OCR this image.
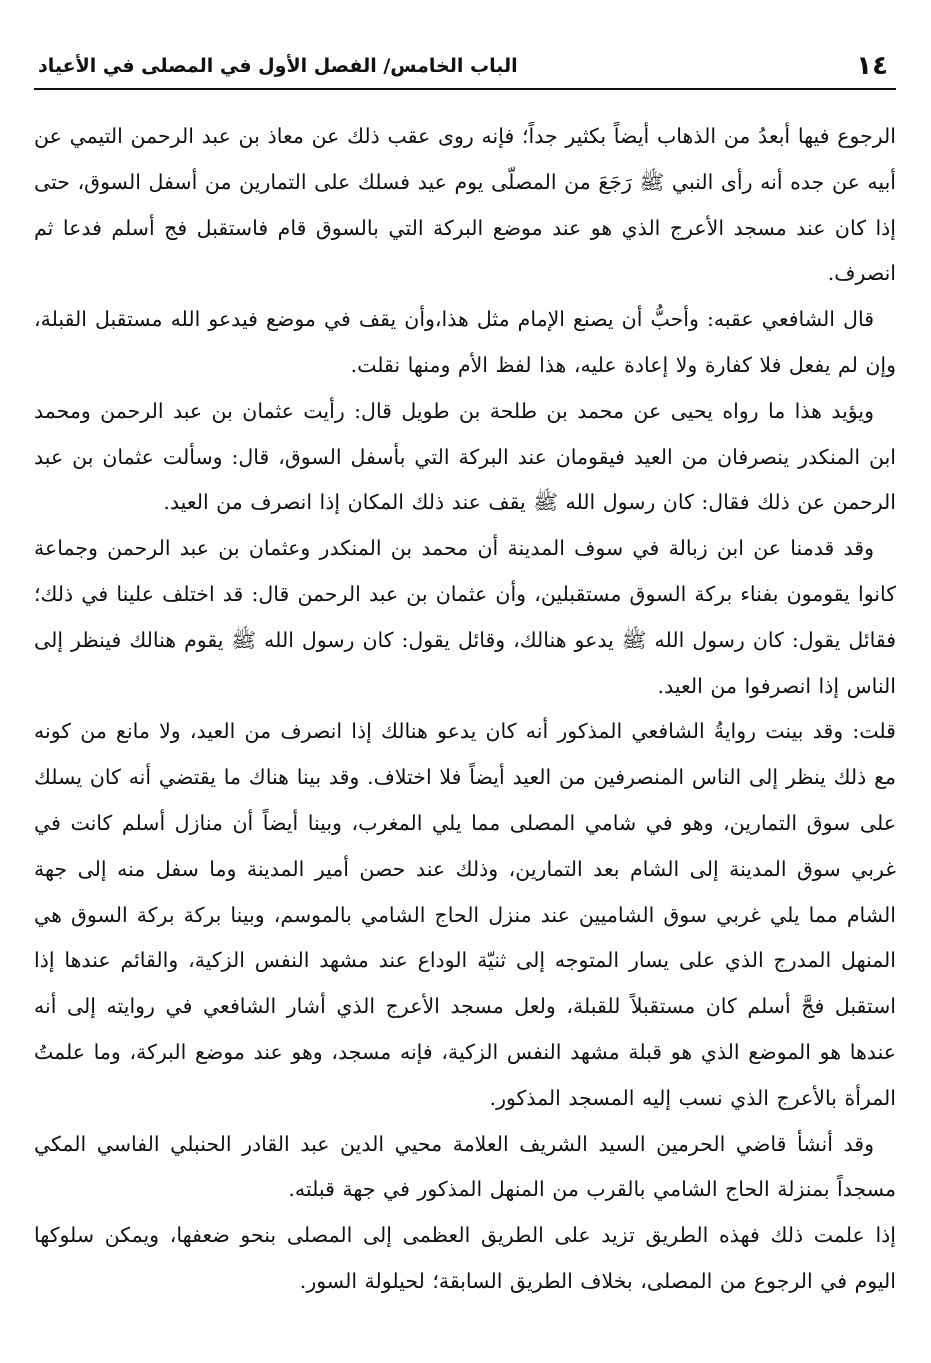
١٤
الباب الخامس/ الفصل الأول في المصلى في الأعياد

الرجوع فيها أبعدُ من الذهاب أيضاً بكثير جداً؛ فإنه روى عقب ذلك عن معاذ بن عبد الرحمن التيمي عن أبيه عن جده أنه رأى النبي ﷺ رَجَعَ من المصلّى يوم عيد فسلك على التمارين من أسفل السوق، حتى إذا كان عند مسجد الأعرج الذي هو عند موضع البركة التي بالسوق قام فاستقبل فج أسلم فدعا ثم انصرف.

قال الشافعي عقبه: وأحبُّ أن يصنع الإمام مثل هذا،وأن يقف في موضع فيدعو الله مستقبل القبلة، وإن لم يفعل فلا كفارة ولا إعادة عليه، هذا لفظ الأم ومنها نقلت.

ويؤيد هذا ما رواه يحيى عن محمد بن طلحة بن طويل قال: رأيت عثمان بن عبد الرحمن ومحمد ابن المنكدر ينصرفان من العيد فيقومان عند البركة التي بأسفل السوق، قال: وسألت عثمان بن عبد الرحمن عن ذلك فقال: كان رسول الله ﷺ يقف عند ذلك المكان إذا انصرف من العيد.

وقد قدمنا عن ابن زبالة في سوف المدينة أن محمد بن المنكدر وعثمان بن عبد الرحمن وجماعة كانوا يقومون بفناء بركة السوق مستقبلين، وأن عثمان بن عبد الرحمن قال: قد اختلف علينا في ذلك؛ فقائل يقول: كان رسول الله ﷺ يدعو هنالك، وقائل يقول: كان رسول الله ﷺ يقوم هنالك فينظر إلى الناس إذا انصرفوا من العيد.

قلت: وقد بينت روايةُ الشافعي المذكور أنه كان يدعو هنالك إذا انصرف من العيد، ولا مانع من كونه مع ذلك ينظر إلى الناس المنصرفين من العيد أيضاً فلا اختلاف. وقد بينا هناك ما يقتضي أنه كان يسلك على سوق التمارين، وهو في شامي المصلى مما يلي المغرب، وبينا أيضاً أن منازل أسلم كانت في غربي سوق المدينة إلى الشام بعد التمارين، وذلك عند حصن أمير المدينة وما سفل منه إلى جهة الشام مما يلي غربي سوق الشاميين عند منزل الحاج الشامي بالموسم، وبينا بركة بركة السوق هي المنهل المدرج الذي على يسار المتوجه إلى ثنيّة الوداع عند مشهد النفس الزكية، والقائم عندها إذا استقبل فجَّ أسلم كان مستقبلاً للقبلة، ولعل مسجد الأعرج الذي أشار الشافعي في روايته إلى أنه عندها هو الموضع الذي هو قبلة مشهد النفس الزكية، فإنه مسجد، وهو عند موضع البركة، وما علمتُ المرأة بالأعرج الذي نسب إليه المسجد المذكور.

وقد أنشأ قاضي الحرمين السيد الشريف العلامة محيي الدين عبد القادر الحنبلي الفاسي المكي مسجداً بمنزلة الحاج الشامي بالقرب من المنهل المذكور في جهة قبلته.

إذا علمت ذلك فهذه الطريق تزيد على الطريق العظمى إلى المصلى بنحو ضعفها، ويمكن سلوكها اليوم في الرجوع من المصلى، بخلاف الطريق السابقة؛ لحيلولة السور.
